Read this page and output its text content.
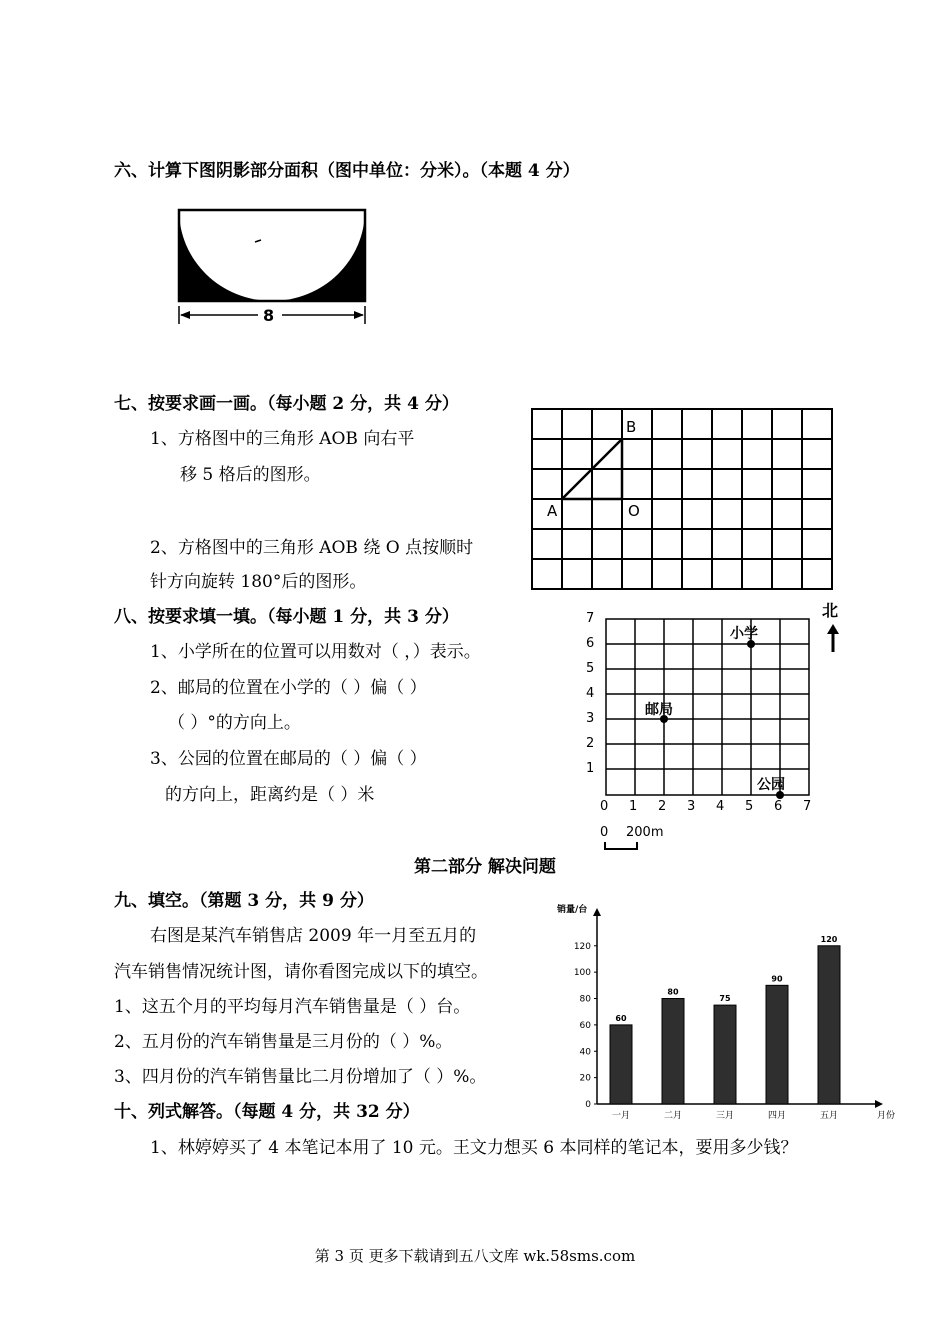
六、计算下图阴影部分面积（图中单位：分米）。（本题 4 分）
8
七、按要求画一画。（每小题 2 分，共 4 分）
1、方格图中的三角形 AOB 向右平
移 5 格后的图形。
2、方格图中的三角形 AOB 绕 O 点按顺时
针方向旋转 180°后的图形。
A
B
O
八、按要求填一填。（每小题 1 分，共 3 分）
1、小学所在的位置可以用数对（ ，）表示。
2、邮局的位置在小学的（ ）偏（ ）
（ ）°的方向上。
3、公园的位置在邮局的（ ）偏（ ）
的方向上，距离约是（ ）米
小学
邮局
公园
北
7
6
5
4
3
2
1
0 1 2 3 4 5 6 7
0 200m
第二部分 解决问题
九、填空。（第题 3 分，共 9 分）
右图是某汽车销售店 2009 年一月至五月的
汽车销售情况统计图，请你看图完成以下的填空。
1、这五个月的平均每月汽车销售量是（ ）台。
2、五月份的汽车销售量是三月份的（ ）%。
3、四月份的汽车销售量比二月份增加了（ ）%。
0
20
40
60
80
100
120
销量/台
月份
60
一月
80
二月
75
三月
90
四月
120
五月
十、列式解答。（每题 4 分，共 32 分）
1、林婷婷买了 4 本笔记本用了 10 元。王文力想买 6 本同样的笔记本，要用多少钱？
第 3 页 更多下载请到五八文库 wk.58sms.com
